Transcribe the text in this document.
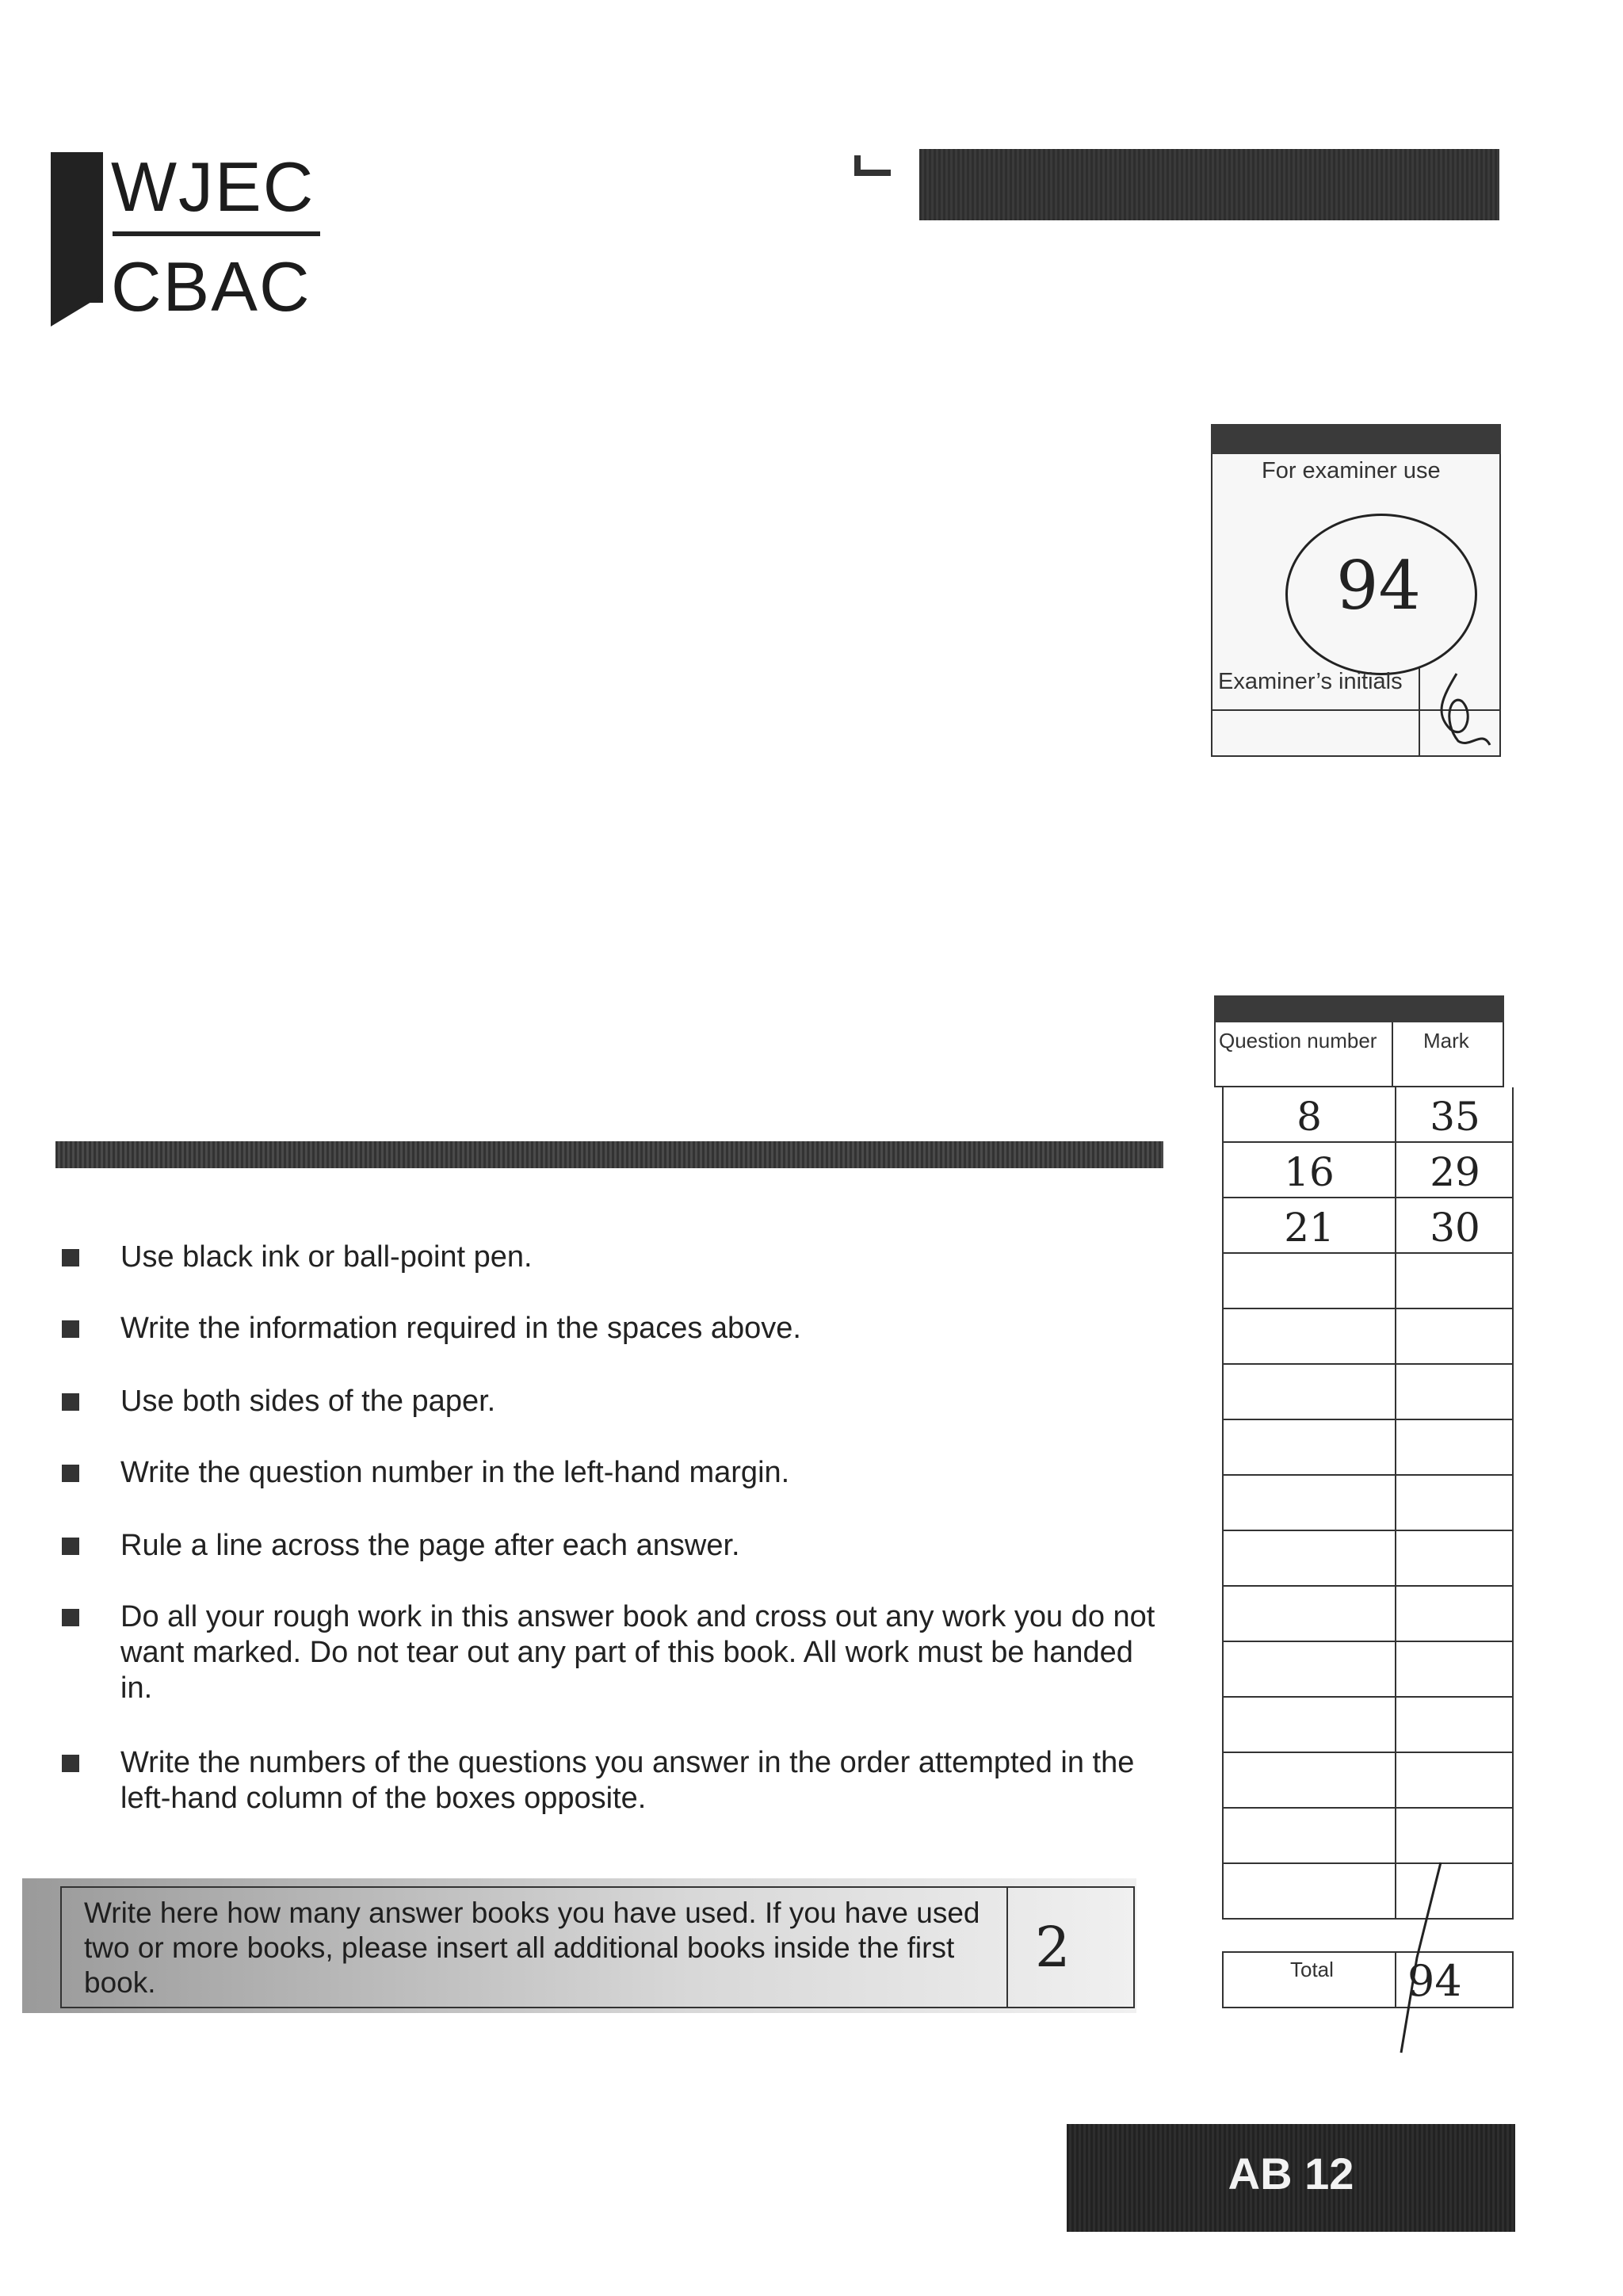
WJEC
CBAC
For examiner use
94
Examiner’s initials
Use black ink or ball-point pen.
Write the information required in the spaces above.
Use both sides of the paper.
Write the question number in the left-hand margin.
Rule a line across the page after each answer.
Do all your rough work in this answer book and cross out any work you do not want marked. Do not tear out any part of this book. All work must be handed in.
Write the numbers of the questions you answer in the order attempted in the left-hand column of the boxes opposite.
Write here how many answer books you have used. If you have used two or more books, please insert all additional books inside the first book.
2
Question number Mark
8	35
16	29
21	30
Total 94
AB 12
